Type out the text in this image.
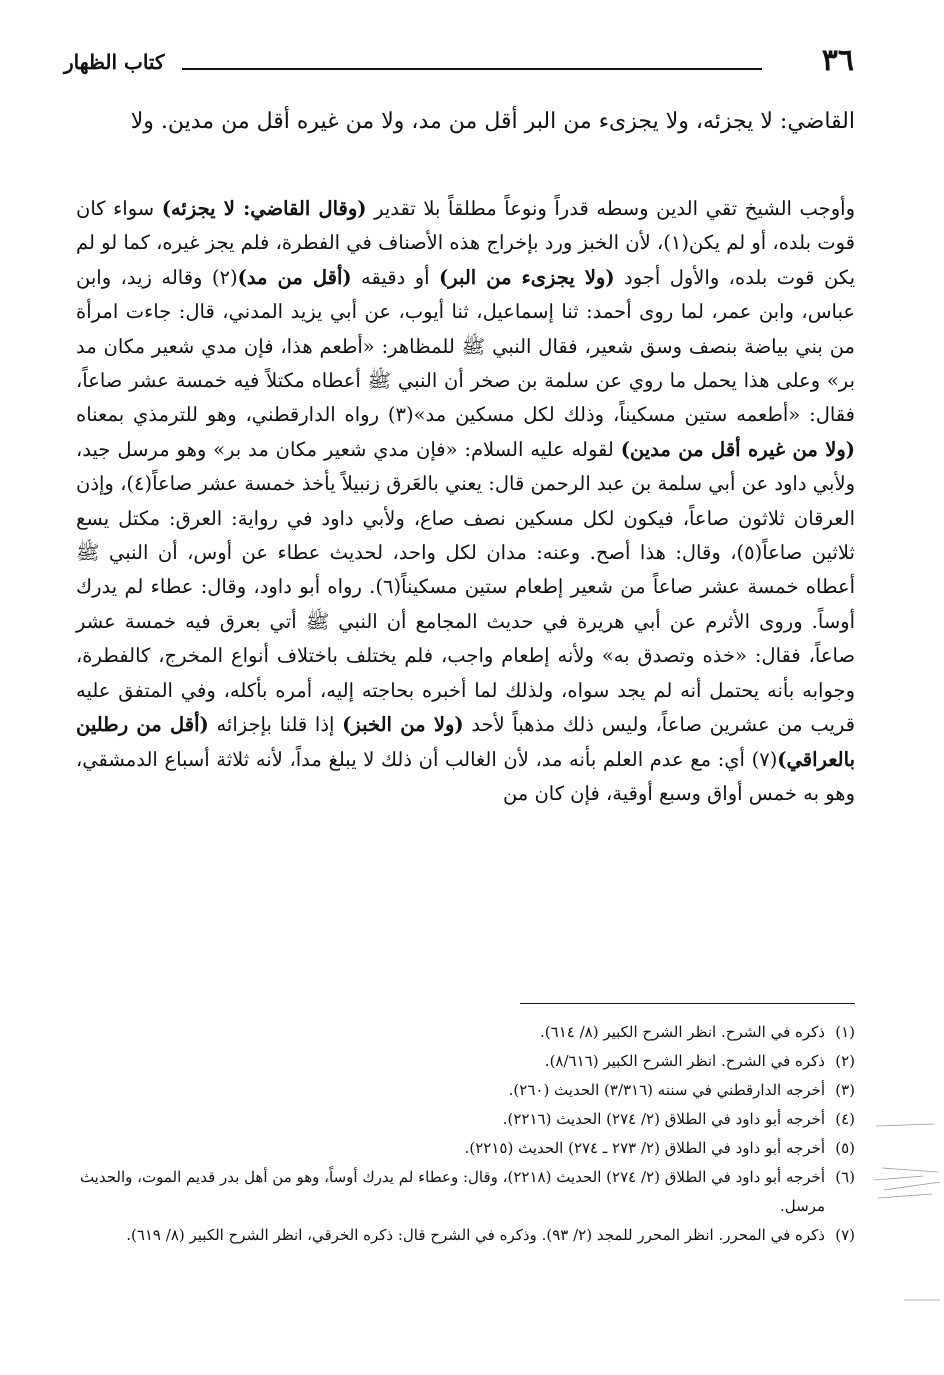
٣٦
كتاب الظهار

القاضي: لا يجزئه، ولا يجزىء من البر أقل من مد، ولا من غيره أقل من مدين. ولا

وأوجب الشيخ تقي الدين وسطه قدراً ونوعاً مطلقاً بلا تقدير (وقال القاضي: لا يجزئه) سواء كان قوت بلده، أو لم يكن(١)، لأن الخبز ورد بإخراج هذه الأصناف في الفطرة، فلم يجز غيره، كما لو لم يكن قوت بلده، والأول أجود (ولا يجزىء من البر) أو دقيقه (أقل من مد)(٢) وقاله زيد، وابن عباس، وابن عمر، لما روى أحمد: ثنا إسماعيل، ثنا أيوب، عن أبي يزيد المدني، قال: جاءت امرأة من بني بياضة بنصف وسق شعير، فقال النبي ﷺ للمظاهر: «أطعم هذا، فإن مدي شعير مكان مد بر» وعلى هذا يحمل ما روي عن سلمة بن صخر أن النبي ﷺ أعطاه مكتلاً فيه خمسة عشر صاعاً، فقال: «أطعمه ستين مسكيناً، وذلك لكل مسكين مد»(٣) رواه الدارقطني، وهو للترمذي بمعناه (ولا من غيره أقل من مدين) لقوله عليه السلام: «فإن مدي شعير مكان مد بر» وهو مرسل جيد، ولأبي داود عن أبي سلمة بن عبد الرحمن قال: يعني بالعَرق زنبيلاً يأخذ خمسة عشر صاعاً(٤)، وإذن العرقان ثلاثون صاعاً، فيكون لكل مسكين نصف صاع، ولأبي داود في رواية: العرق: مكتل يسع ثلاثين صاعاً(٥)، وقال: هذا أصح. وعنه: مدان لكل واحد، لحديث عطاء عن أوس، أن النبي ﷺ أعطاه خمسة عشر صاعاً من شعير إطعام ستين مسكيناً(٦). رواه أبو داود، وقال: عطاء لم يدرك أوساً. وروى الأثرم عن أبي هريرة في حديث المجامع أن النبي ﷺ أتي بعرق فيه خمسة عشر صاعاً، فقال: «خذه وتصدق به» ولأنه إطعام واجب، فلم يختلف باختلاف أنواع المخرج، كالفطرة، وجوابه بأنه يحتمل أنه لم يجد سواه، ولذلك لما أخبره بحاجته إليه، أمره بأكله، وفي المتفق عليه قريب من عشرين صاعاً، وليس ذلك مذهباً لأحد (ولا من الخبز) إذا قلنا بإجزائه (أقل من رطلين بالعراقي)(٧) أي: مع عدم العلم بأنه مد، لأن الغالب أن ذلك لا يبلغ مداً، لأنه ثلاثة أسباع الدمشقي، وهو به خمس أواق وسبع أوقية، فإن كان من

(١)
ذكره في الشرح. انظر الشرح الكبير (٨/ ٦١٤).
(٢)
ذكره في الشرح. انظر الشرح الكبير (٨/٦١٦).
(٣)
أخرجه الدارقطني في سننه (٣/٣١٦) الحديث (٢٦٠).
(٤)
أخرجه أبو داود في الطلاق (٢/ ٢٧٤) الحديث (٢٢١٦).
(٥)
أخرجه أبو داود في الطلاق (٢/ ٢٧٣ ـ ٢٧٤) الحديث (٢٢١٥).
(٦)
أخرجه أبو داود في الطلاق (٢/ ٢٧٤) الحديث (٢٢١٨)، وقال: وعطاء لم يدرك أوساً، وهو من أهل بدر قديم الموت، والحديث مرسل.
(٧)
ذكره في المحرر. انظر المحرر للمجد (٢/ ٩٣). وذكره في الشرح قال: ذكره الخرقي، انظر الشرح الكبير (٨/ ٦١٩).
